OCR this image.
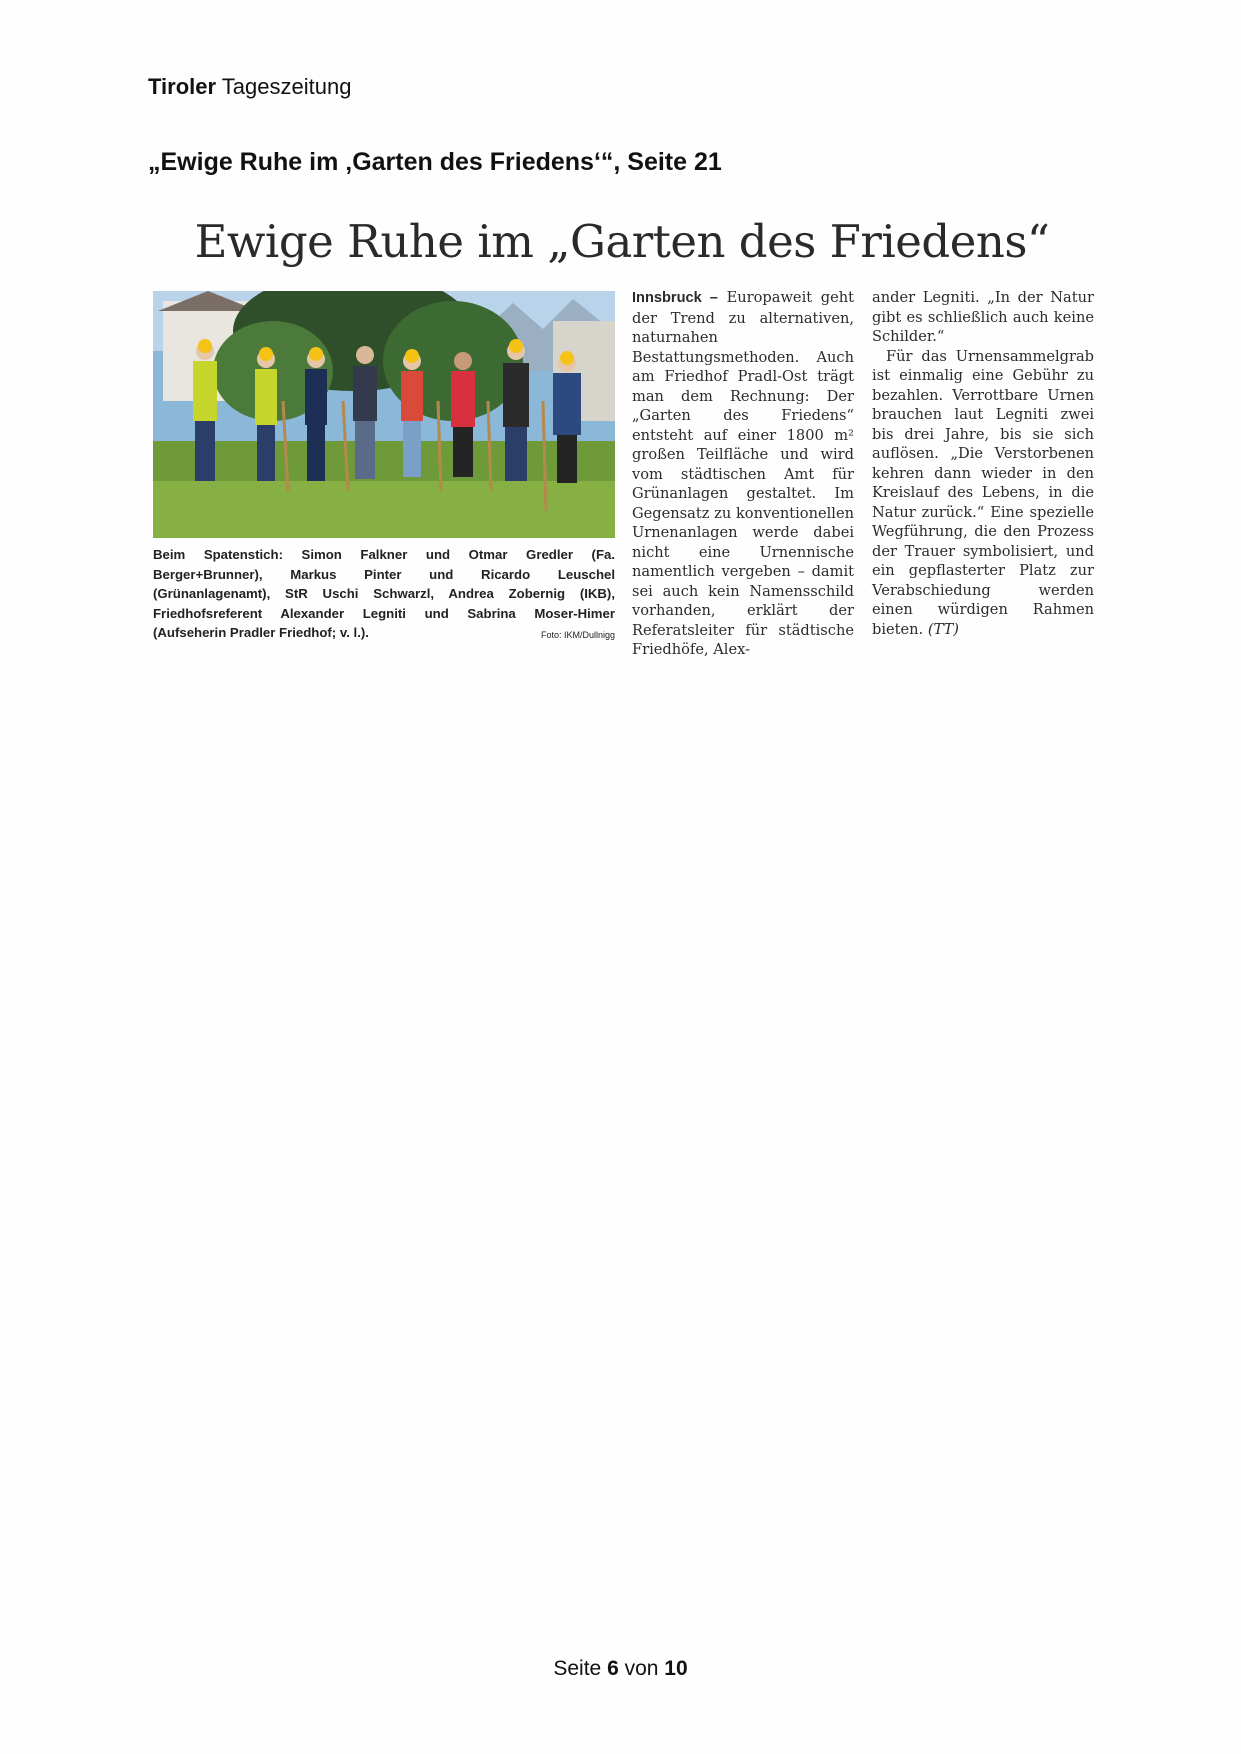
Tiroler Tageszeitung
„Ewige Ruhe im ‚Garten des Friedens‘“, Seite 21
Ewige Ruhe im „Garten des Friedens“
Beim Spatenstich: Simon Falkner und Otmar Gredler (Fa. Berger+Brunner), Markus Pinter und Ricardo Leuschel (Grünanlagenamt), StR Uschi Schwarzl, Andrea Zobernig (IKB), Friedhofsreferent Alexander Legniti und Sabrina Moser-Himer (Aufseherin Pradler Friedhof; v. l.).	Foto: IKM/Dullnigg

Innsbruck – Europaweit geht der Trend zu alternativen, naturnahen Bestattungsmethoden. Auch am Friedhof Pradl-Ost trägt man dem Rechnung: Der „Garten des Friedens“ entsteht auf einer 1800 m² großen Teilfläche und wird vom städtischen Amt für Grünanlagen gestaltet. Im Gegensatz zu konventionellen Urnenanlagen werde dabei nicht eine Urnennische namentlich vergeben – damit sei auch kein Namensschild vorhanden, erklärt der Referatsleiter für städtische Friedhöfe, Alex-

ander Legniti. „In der Natur gibt es schließlich auch keine Schilder.“

Für das Urnensammelgrab ist einmalig eine Gebühr zu bezahlen. Verrottbare Urnen brauchen laut Legniti zwei bis drei Jahre, bis sie sich auflösen. „Die Verstorbenen kehren dann wieder in den Kreislauf des Lebens, in die Natur zurück.“ Eine spezielle Wegführung, die den Prozess der Trauer symbolisiert, und ein gepflasterter Platz zur Verabschiedung werden einen würdigen Rahmen bieten. (TT)

Seite 6 von 10
